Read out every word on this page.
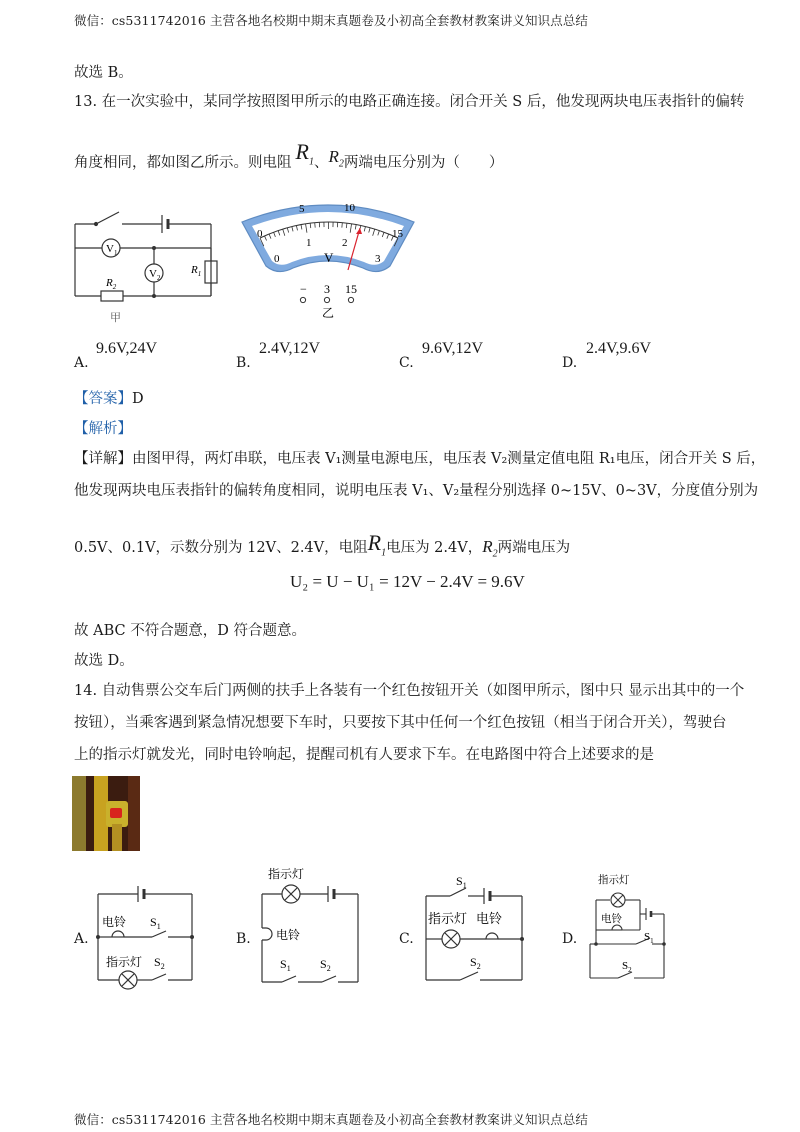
微信：cs5311742016 主营各地名校期中期末真题卷及小初高全套教材教案讲义知识点总结
故选 B。
13. 在一次实验中，某同学按照图甲所示的电路正确连接。闭合开关 S 后，他发现两块电压表指针的偏转
角度相同，都如图乙所示。则电阻 $R_1$、$R_2$两端电压分别为（　　）
$V_1$
$V_2$
$R_1$
$R_2$
甲
0
5	10
15
0
1	2
3
V
− 3 15
乙
A.
9.6V,24V
B.
2.4V,12V
C.
9.6V,12V
D.
2.4V,9.6V
【答案】D
【解析】
【详解】由图甲得，两灯串联，电压表 V₁测量电源电压，电压表 V₂测量定值电阻 R₁电压，闭合开关 S 后，
他发现两块电压表指针的偏转角度相同，说明电压表 V₁、V₂量程分别选择 0~15V、0~3V，分度值分别为
0.5V、0.1V，示数分别为 12V、2.4V，电阻$R_1$电压为 2.4V，$R_2$两端电压为
U₂ = U − U₁ = 12V − 2.4V = 9.6V
故 ABC 不符合题意，D 符合题意。
故选 D。
14. 自动售票公交车后门两侧的扶手上各装有一个红色按钮开关（如图甲所示，图中只 显示出其中的一个
按钮），当乘客遇到紧急情况想要下车时，只要按下其中任何一个红色按钮（相当于闭合开关），驾驶台
上的指示灯就发光，同时电铃响起，提醒司机有人要求下车。在电路图中符合上述要求的是
A.
电铃 $S_1$
指示灯 $S_2$
B.
指示灯
电铃
$S_1$ $S_2$
C.
$S_1$
指示灯 电铃
$S_2$
D.
指示灯
电铃
$S_1$
$S_2$
微信：cs5311742016 主营各地名校期中期末真题卷及小初高全套教材教案讲义知识点总结
